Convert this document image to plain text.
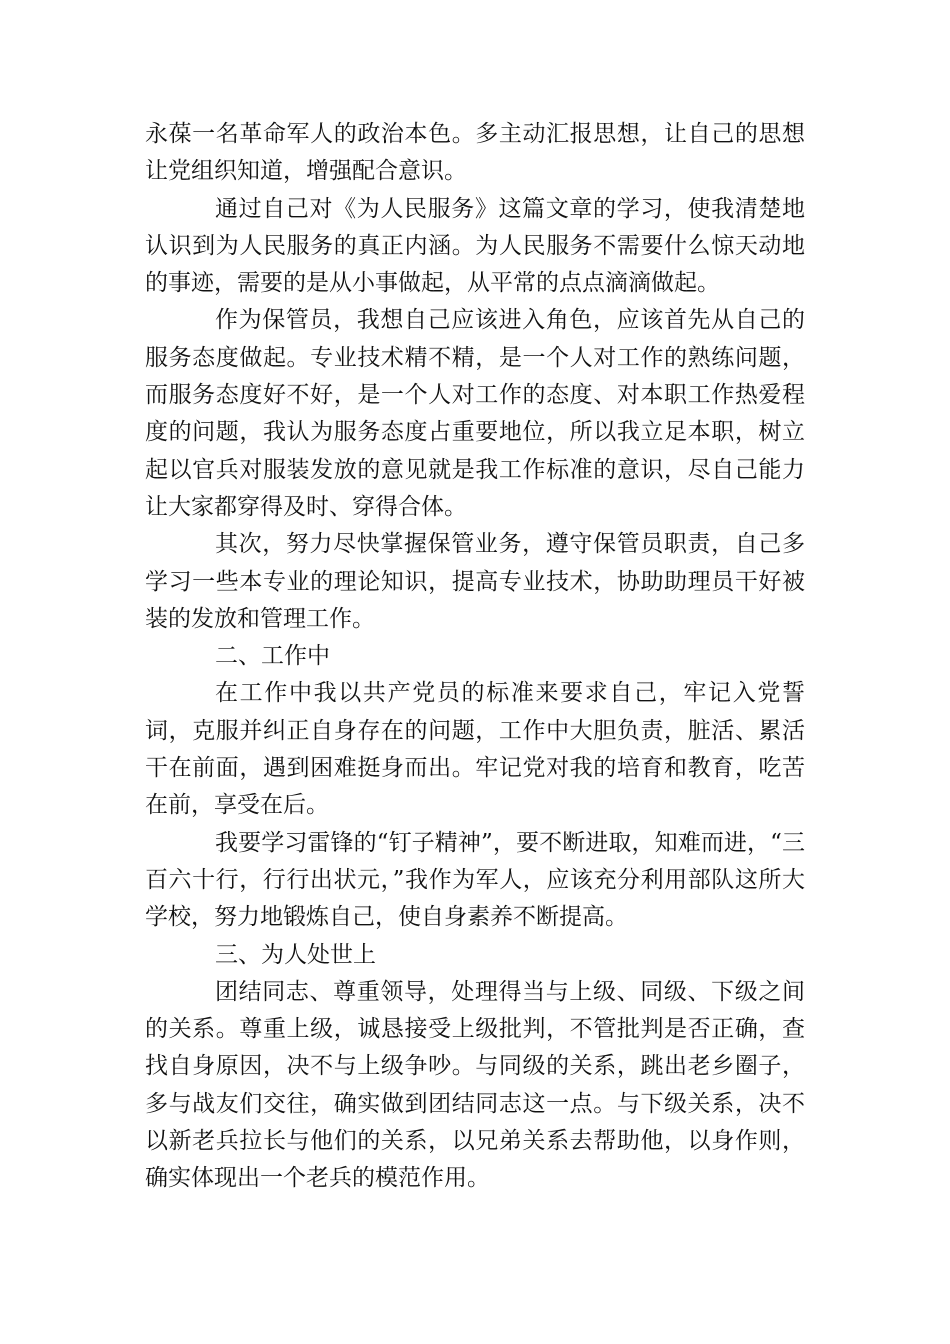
永葆一名革命军人的政治本色。多主动汇报思想，让自己的思想让党组织知道，增强配合意识。

通过自己对《为人民服务》这篇文章的学习，使我清楚地认识到为人民服务的真正内涵。为人民服务不需要什么惊天动地的事迹，需要的是从小事做起，从平常的点点滴滴做起。

作为保管员，我想自己应该进入角色，应该首先从自己的服务态度做起。专业技术精不精，是一个人对工作的熟练问题，而服务态度好不好，是一个人对工作的态度、对本职工作热爱程度的问题，我认为服务态度占重要地位，所以我立足本职，树立起以官兵对服装发放的意见就是我工作标准的意识，尽自己能力让大家都穿得及时、穿得合体。

其次，努力尽快掌握保管业务，遵守保管员职责，自己多学习一些本专业的理论知识，提高专业技术，协助助理员干好被装的发放和管理工作。

二、工作中

在工作中我以共产党员的标准来要求自己，牢记入党誓词，克服并纠正自身存在的问题，工作中大胆负责，脏活、累活干在前面，遇到困难挺身而出。牢记党对我的培育和教育，吃苦在前，享受在后。

我要学习雷锋的“钉子精神”，要不断进取，知难而进，“三百六十行，行行出状元，”我作为军人，应该充分利用部队这所大学校，努力地锻炼自己，使自身素养不断提高。

三、为人处世上

团结同志、尊重领导，处理得当与上级、同级、下级之间的关系。尊重上级，诚恳接受上级批判，不管批判是否正确，查找自身原因，决不与上级争吵。与同级的关系，跳出老乡圈子，多与战友们交往，确实做到团结同志这一点。与下级关系，决不以新老兵拉长与他们的关系，以兄弟关系去帮助他，以身作则，确实体现出一个老兵的模范作用。
